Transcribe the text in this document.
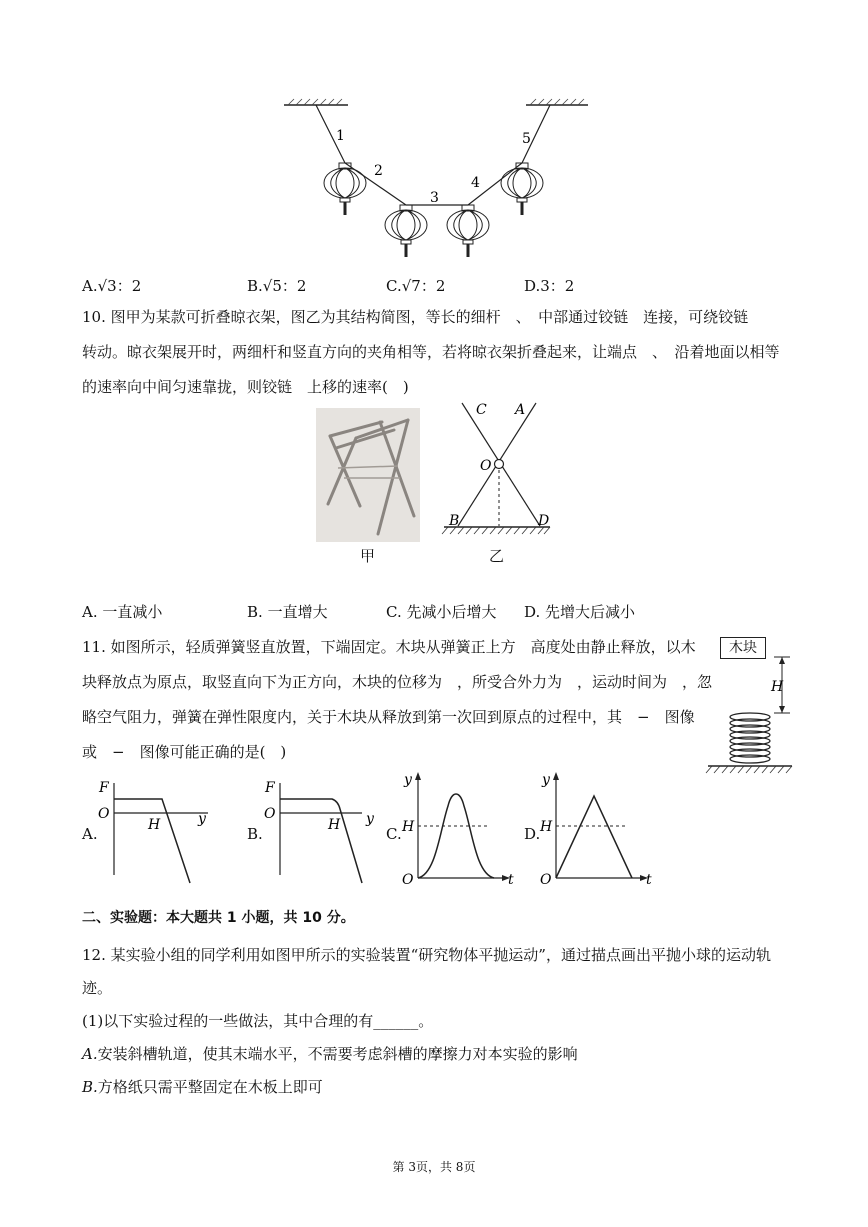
1
2
3
4
5
A.√3：2	B.√5：2	C.√7：2	D.3：2
10. 图甲为某款可折叠晾衣架，图乙为其结构简图，等长的细杆　、　中部通过铰链　连接，可绕铰链
转动。晾衣架展开时，两细杆和竖直方向的夹角相等，若将晾衣架折叠起来，让端点　、　沿着地面以相等
的速率向中间匀速靠拢，则铰链　上移的速率(　)
甲
C A
O
B	D
乙
A. 一直减小	B. 一直增大	C. 先减小后增大 D. 先增大后减小
11. 如图所示，轻质弹簧竖直放置，下端固定。木块从弹簧正上方　高度处由静止释放，以木
块释放点为原点，取竖直向下为正方向，木块的位移为　，所受合外力为　，运动时间为　，忽
略空气阻力，弹簧在弹性限度内，关于木块从释放到第一次回到原点的过程中，其　−　图像
或　−　图像可能正确的是(　)
木块
H
A.
F
O	y
H	B.
F
O	y
H	C.
y
H
O	t
D.
y
H
O	t
二、实验题：本大题共 1 小题，共 10 分。
12. 某实验小组的同学利用如图甲所示的实验装置“研究物体平抛运动”，通过描点画出平抛小球的运动轨
迹。
(1)以下实验过程的一些做法，其中合理的有______。
A.安装斜槽轨道，使其末端水平，不需要考虑斜槽的摩擦力对本实验的影响
B.方格纸只需平整固定在木板上即可
第 3页，共 8页
